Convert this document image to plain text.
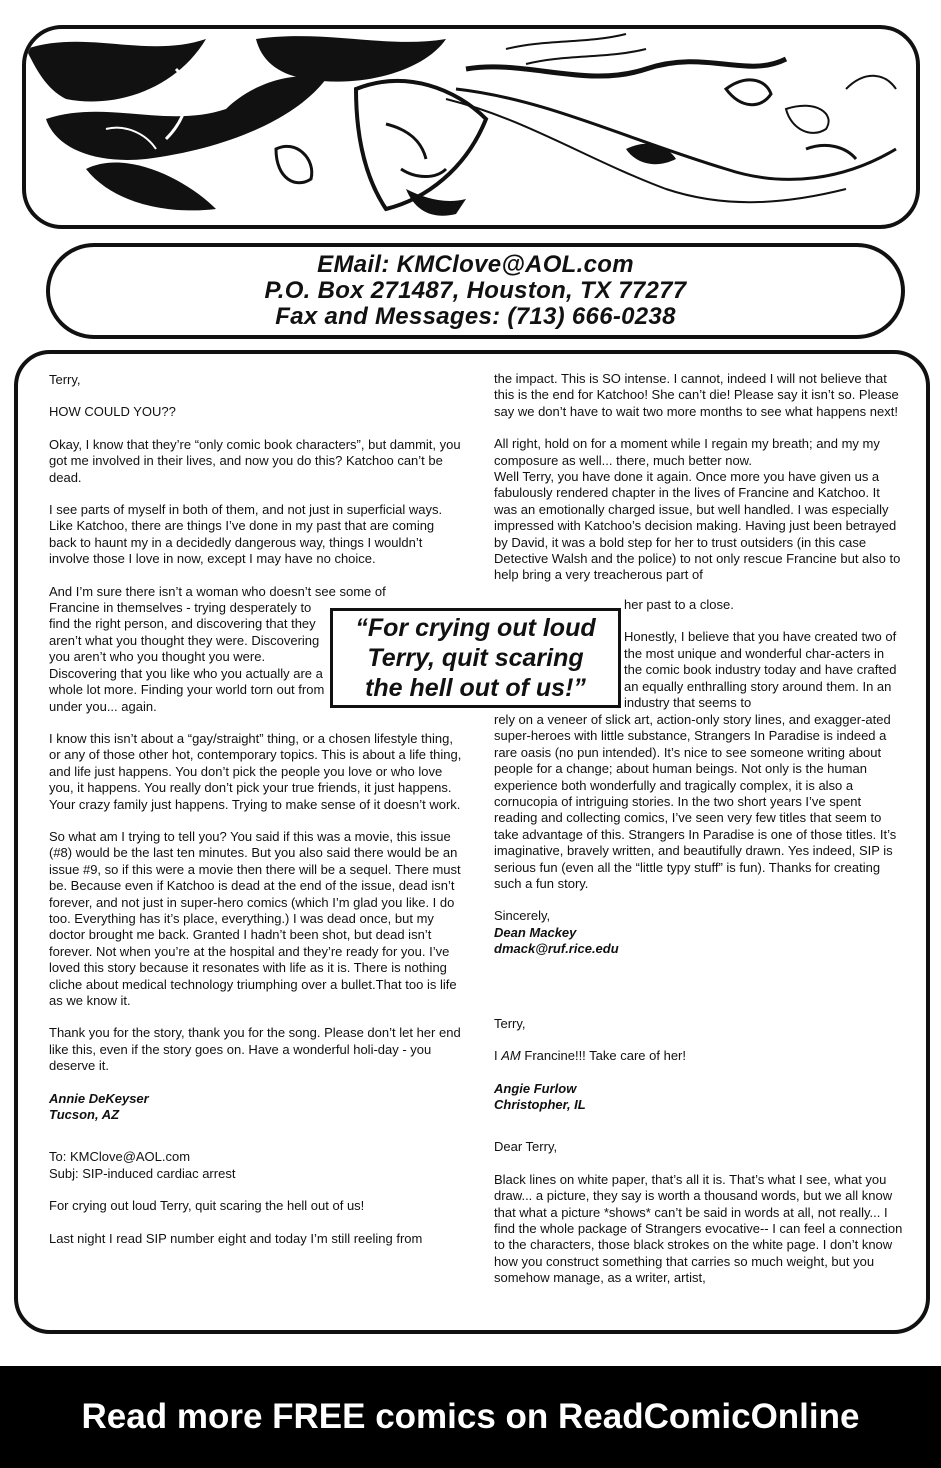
EMail: KMClove@AOL.com
P.O. Box 271487, Houston, TX 77277
Fax and Messages: (713) 666-0238

Terry,

HOW COULD YOU??

Okay, I know that they’re “only comic book characters”, but dammit, you got me involved in their lives, and now you do this? Katchoo can’t be dead.

I see parts of myself in both of them, and not just in superficial ways. Like Katchoo, there are things I’ve done in my past that are coming back to haunt my in a decidedly dangerous way, things I wouldn’t involve those I love in now, except I may have no choice.

And I’m sure there isn’t a woman who doesn’t see some of

Francine in themselves - trying desperately to find the right person, and discovering that they aren’t what you thought they were. Discovering you aren’t who you thought you were. Discovering that you like who you actually are a whole lot more. Finding your world torn out from under you... again.

I know this isn’t about a “gay/straight” thing, or a chosen lifestyle thing, or any of those other hot, contemporary topics. This is about a life thing, and life just happens. You don’t pick the people you love or who love you, it happens. You really don’t pick your true friends, it just happens. Your crazy family just happens. Trying to make sense of it doesn’t work.

So what am I trying to tell you? You said if this was a movie, this issue (#8) would be the last ten minutes. But you also said there would be an issue #9, so if this were a movie then there will be a sequel. There must be. Because even if Katchoo is dead at the end of the issue, dead isn’t forever, and not just in super-hero comics (which I’m glad you like. I do too. Everything has it’s place, everything.) I was dead once, but my doctor brought me back. Granted I hadn’t been shot, but dead isn’t forever. Not when you’re at the hospital and they’re ready for you. I’ve loved this story because it resonates with life as it is. There is nothing cliche about medical technology triumphing over a bullet.That too is life as we know it.

Thank you for the story, thank you for the song. Please don’t let her end like this, even if the story goes on. Have a wonderful holi-day - you deserve it.

Annie DeKeyser
Tucson, AZ

To: KMClove@AOL.com
Subj: SIP-induced cardiac arrest

For crying out loud Terry, quit scaring the hell out of us!

Last night I read SIP number eight and today I’m still reeling from

the impact. This is SO intense. I cannot, indeed I will not believe that this is the end for Katchoo! She can’t die! Please say it isn’t so. Please say we don’t have to wait two more months to see what happens next!

All right, hold on for a moment while I regain my breath; and my my composure as well... there, much better now.

Well Terry, you have done it again. Once more you have given us a fabulously rendered chapter in the lives of Francine and Katchoo. It was an emotionally charged issue, but well handled. I was especially impressed with Katchoo’s decision making. Having just been betrayed by David, it was a bold step for her to trust outsiders (in this case Detective Walsh and the police) to not only rescue Francine but also to help bring a very treacherous part of

her past to a close.
Honestly, I believe that you have created two of the most unique and wonderful char-acters in the comic book industry today and have crafted an equally enthralling story around them. In an industry that seems to

rely on a veneer of slick art, action-only story lines, and exagger-ated super-heroes with little substance, Strangers In Paradise is indeed a rare oasis (no pun intended). It’s nice to see someone writing about people for a change; about human beings. Not only is the human experience both wonderfully and tragically complex, it is also a cornucopia of intriguing stories. In the two short years I’ve spent reading and collecting comics, I’ve seen very few titles that seem to take advantage of this. Strangers In Paradise is one of those titles. It’s imaginative, bravely written, and beautifully drawn. Yes indeed, SIP is serious fun (even all the “little typy stuff” is fun). Thanks for creating such a fun story.

Sincerely,
Dean Mackey
dmack@ruf.rice.edu

Terry,

I AM Francine!!! Take care of her!

Angie Furlow
Christopher, IL

Dear Terry,

Black lines on white paper, that’s all it is. That’s what I see, what you draw... a picture, they say is worth a thousand words, but we all know that what a picture *shows* can’t be said in words at all, not really... I find the whole package of Strangers evocative-- I can feel a connection to the characters, those black strokes on the white page. I don’t know how you construct something that carries so much weight, but you somehow manage, as a writer, artist,

“For crying out loud
Terry, quit scaring
the hell out of us!”
Read more FREE comics on ReadComicOnline
